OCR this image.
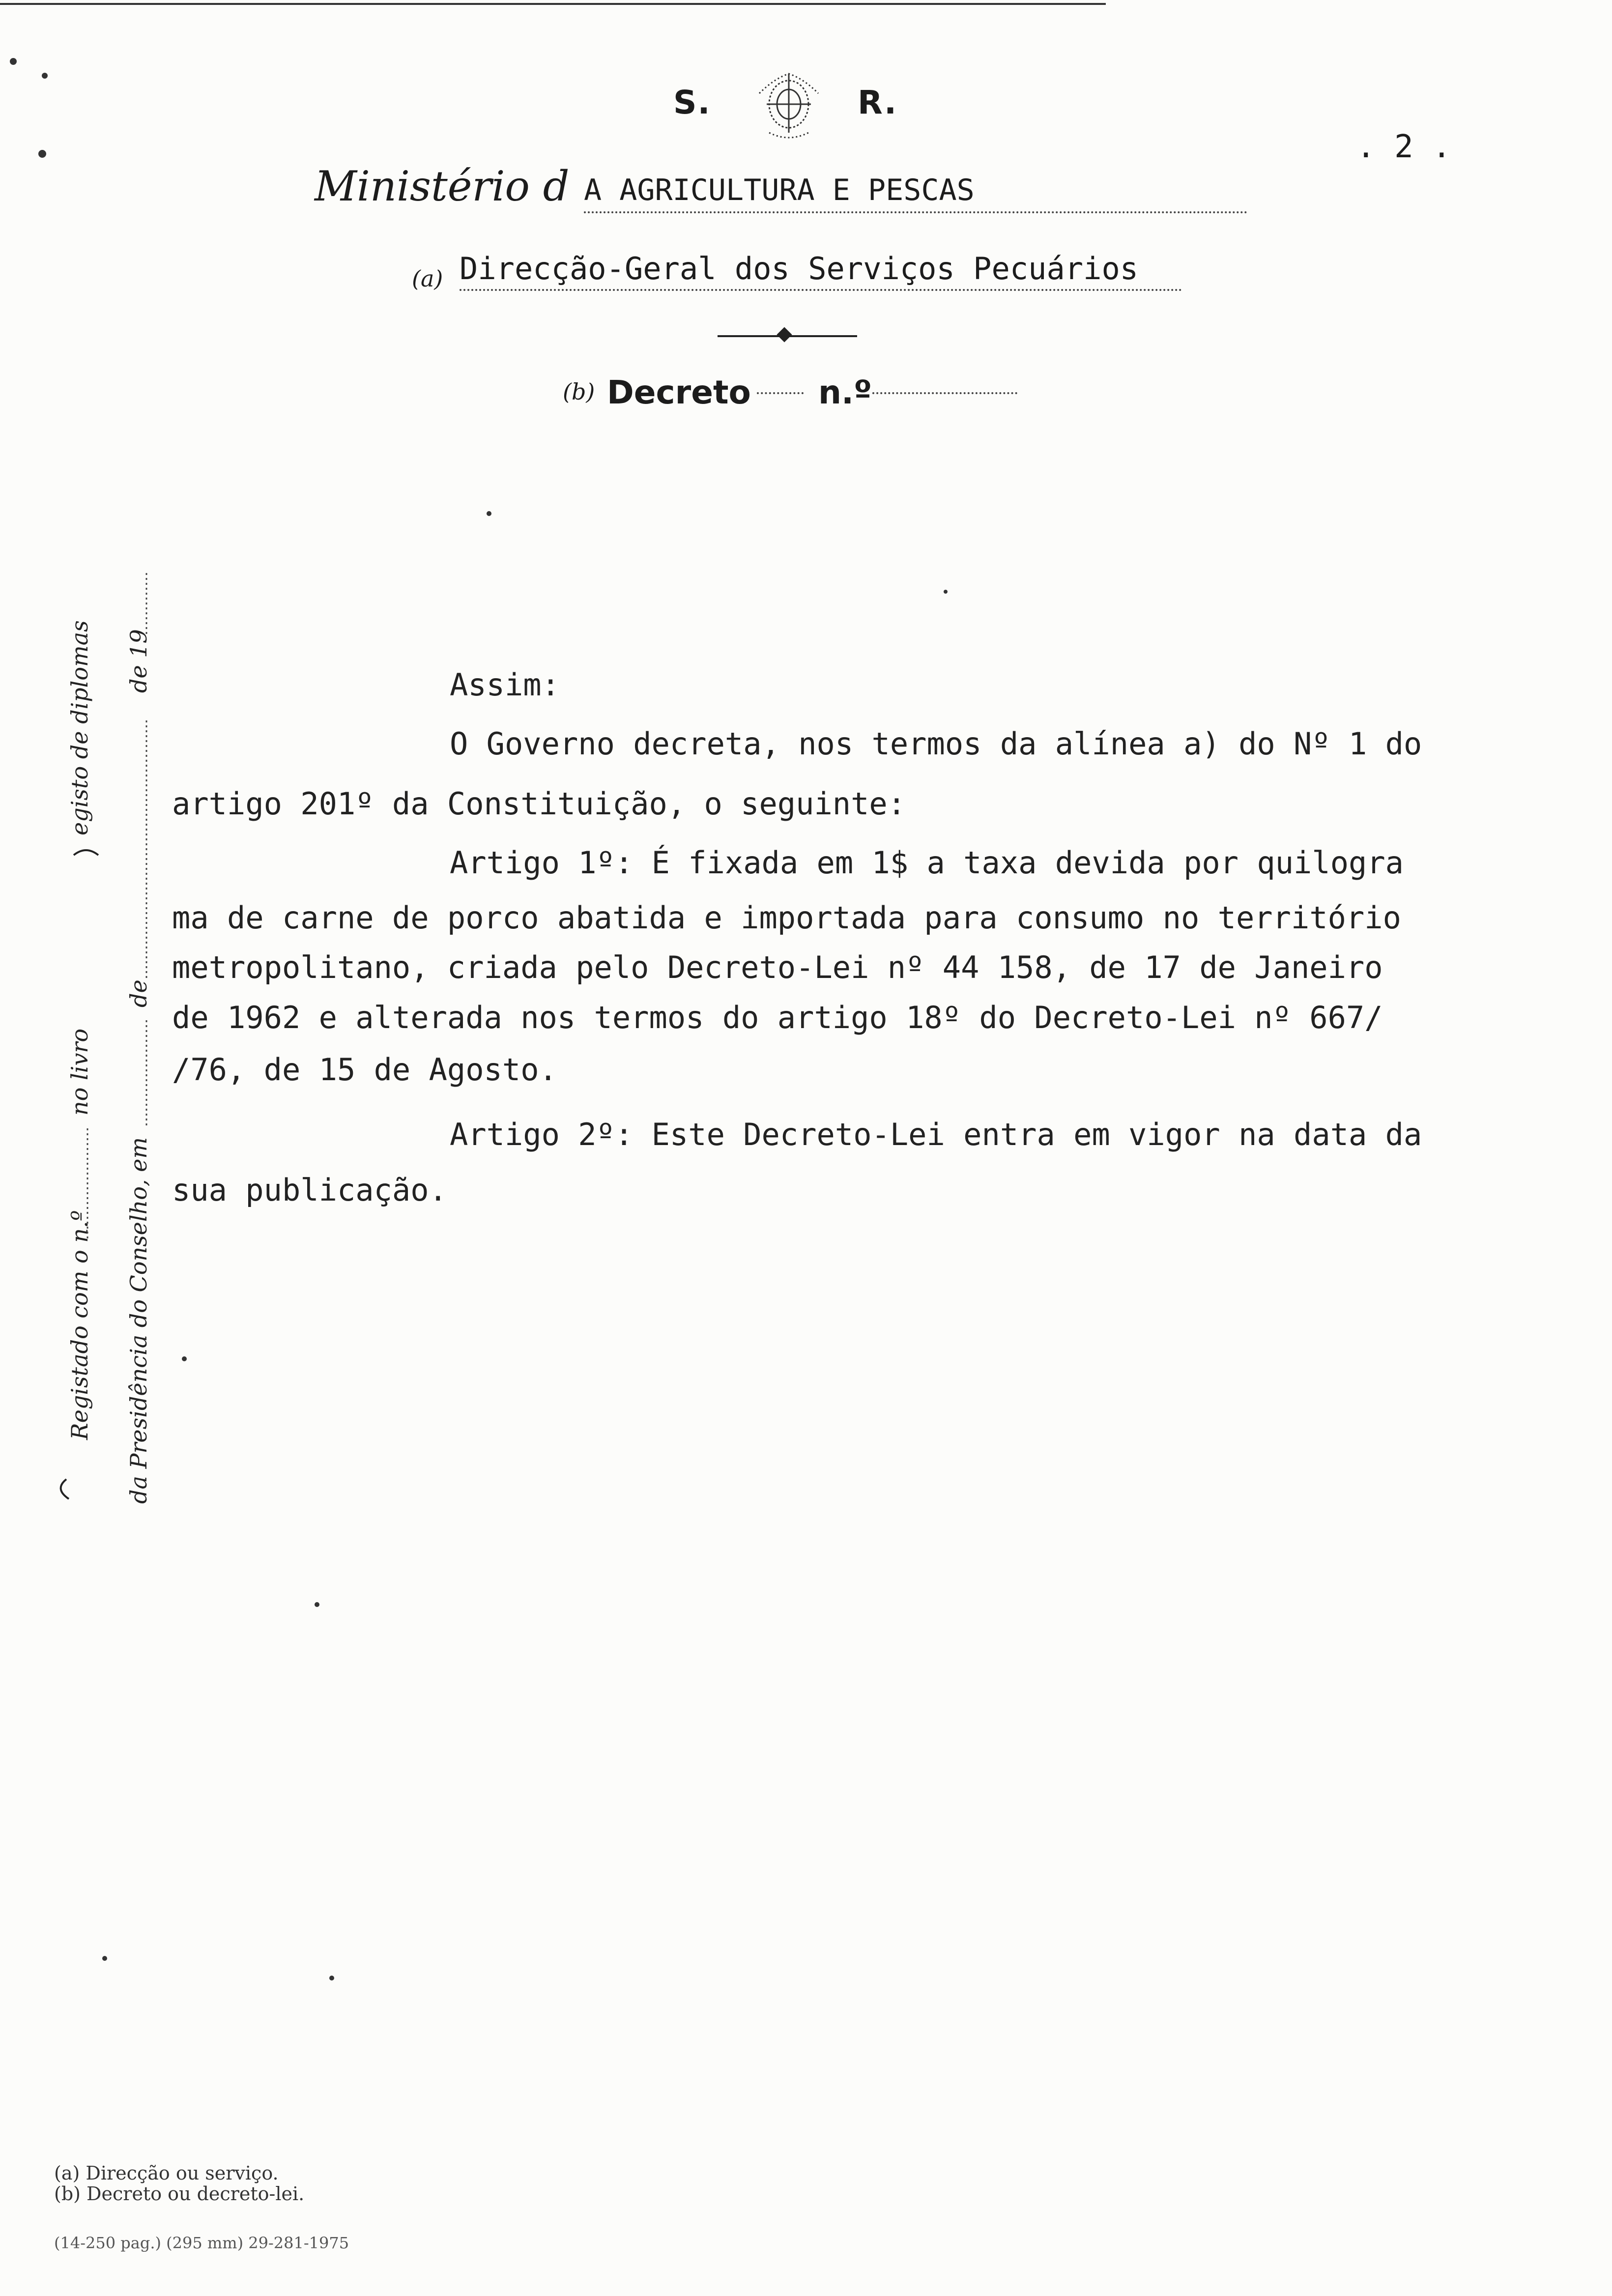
S.	R.
. 2 .
Ministério d A AGRICULTURA E PESCAS
(a) Direcção-Geral dos Serviços Pecuários
(b) Decreto n.º
Registado com o n.º
no livro
egisto de diplomas
da Presidência do Conselho, em
de
de 19	Assim:
O Governo decreta, nos termos da alínea a) do Nº 1 do
artigo 201º da Constituição, o seguinte:
Artigo 1º: É fixada em 1$ a taxa devida por quilogra
ma de carne de porco abatida e importada para consumo no território
metropolitano, criada pelo Decreto-Lei nº 44 158, de 17 de Janeiro
de 1962 e alterada nos termos do artigo 18º do Decreto-Lei nº 667/
/76, de 15 de Agosto.
Artigo 2º: Este Decreto-Lei entra em vigor na data da
sua publicação.
(a) Direcção ou serviço.
(b) Decreto ou decreto-lei.
(14-250 pag.) (295 mm) 29-281-1975
